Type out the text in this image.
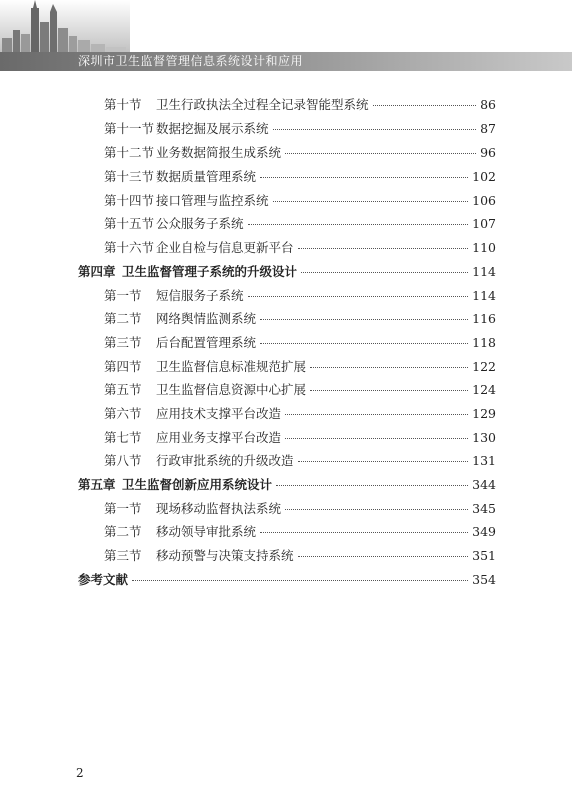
深圳市卫生监督管理信息系统设计和应用
第十节	卫生行政执法全过程全记录智能型系统	86
第十一节 数据挖掘及展示系统	87
第十二节 业务数据简报生成系统	96
第十三节 数据质量管理系统	102
第十四节 接口管理与监控系统	106
第十五节 公众服务子系统	107
第十六节 企业自检与信息更新平台	110
第四章 卫生监督管理子系统的升级设计	114
第一节	短信服务子系统	114
第二节	网络舆情监测系统	116
第三节	后台配置管理系统	118
第四节	卫生监督信息标准规范扩展	122
第五节	卫生监督信息资源中心扩展	124
第六节	应用技术支撑平台改造	129
第七节	应用业务支撑平台改造	130
第八节	行政审批系统的升级改造	131
第五章 卫生监督创新应用系统设计	344
第一节	现场移动监督执法系统	345
第二节	移动领导审批系统	349
第三节	移动预警与决策支持系统	351
参考文献	354
2
